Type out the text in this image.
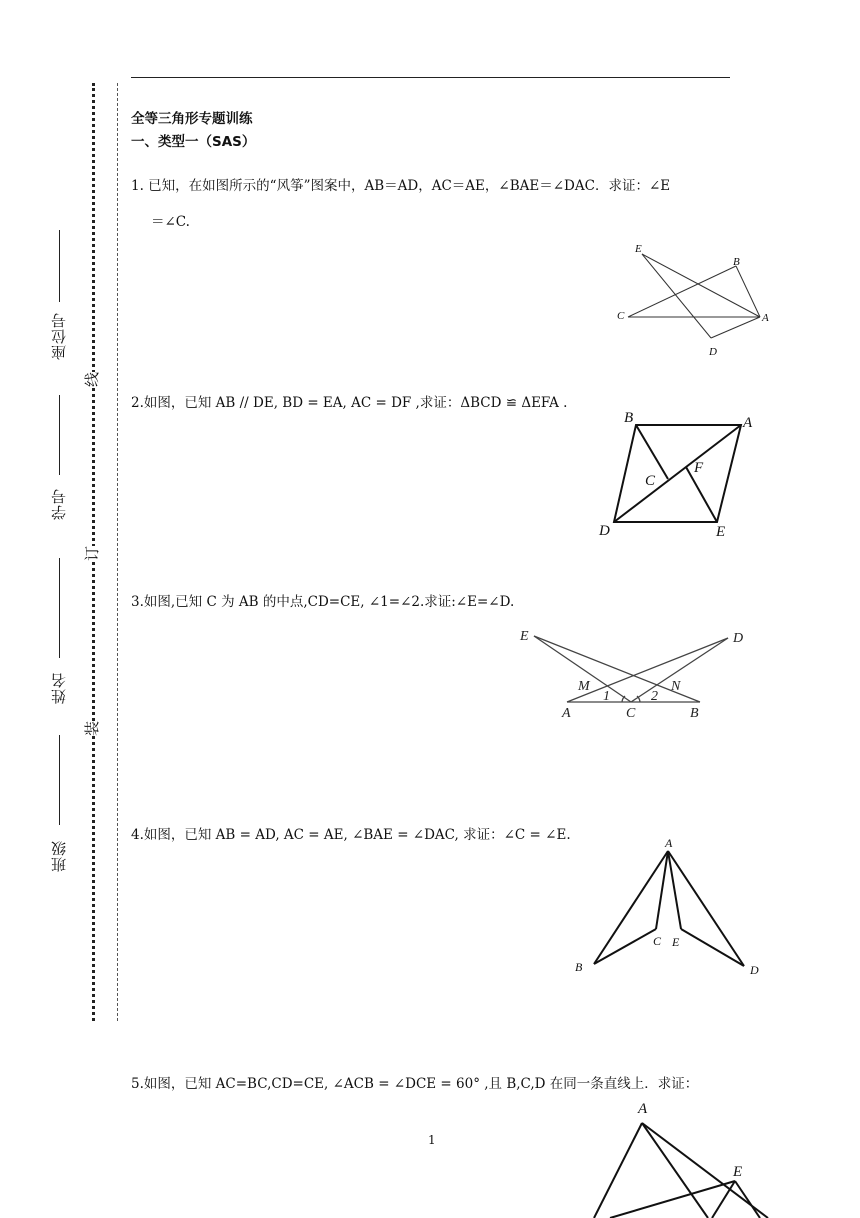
座位号
学号
姓名
班级
线
订
装
全等三角形专题训练
一、类型一（SAS）
1. 已知，在如图所示的“风筝”图案中，AB＝AD，AC＝AE，∠BAE＝∠DAC．求证：∠E
＝∠C.
2.如图，已知 AB // DE, BD = EA, AC = DF ,求证：ΔBCD ≌ ΔEFA .
3.如图,已知 C 为 AB 的中点,CD=CE, ∠1=∠2.求证:∠E=∠D.
4.如图，已知 AB = AD, AC = AE, ∠BAE = ∠DAC, 求证：∠C = ∠E.
5.如图，已知 AC=BC,CD=CE, ∠ACB = ∠DCE = 60° ,且 B,C,D 在同一条直线上．求证：
E
B
C	A
D
B	A
C
F
D	E
E	D
M	N
1	2
A	C	B
A
C E
B	D
A
E
1
